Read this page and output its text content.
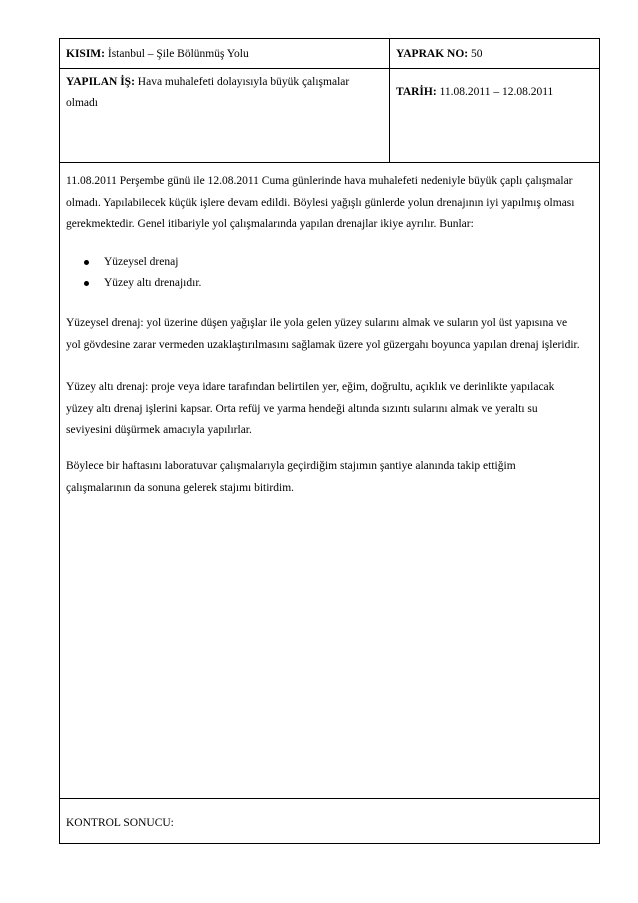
KISIM: İstanbul – Şile Bölünmüş Yolu	YAPRAK NO: 50
YAPILAN İŞ: Hava muhalefeti dolayısıyla büyük çalışmalar
olmadı
TARİH: 11.08.2011 – 12.08.2011

11.08.2011 Perşembe günü ile 12.08.2011 Cuma günlerinde hava muhalefeti nedeniyle büyük çaplı çalışmalar
olmadı. Yapılabilecek küçük işlere devam edildi. Böylesi yağışlı günlerde yolun drenajının iyi yapılmış olması
gerekmektedir. Genel itibariyle yol çalışmalarında yapılan drenajlar ikiye ayrılır. Bunlar:

Yüzeysel drenaj
Yüzey altı drenajıdır.

Yüzeysel drenaj: yol üzerine düşen yağışlar ile yola gelen yüzey sularını almak ve suların yol üst yapısına ve
yol gövdesine zarar vermeden uzaklaştırılmasını sağlamak üzere yol güzergahı boyunca yapılan drenaj işleridir.

Yüzey altı drenaj: proje veya idare tarafından belirtilen yer, eğim, doğrultu, açıklık ve derinlikte yapılacak
yüzey altı drenaj işlerini kapsar. Orta refüj ve yarma hendeği altında sızıntı sularını almak ve yeraltı su
seviyesini düşürmek amacıyla yapılırlar.

Böylece bir haftasını laboratuvar çalışmalarıyla geçirdiğim stajımın şantiye alanında takip ettiğim
çalışmalarının da sonuna gelerek stajımı bitirdim.

KONTROL SONUCU:
